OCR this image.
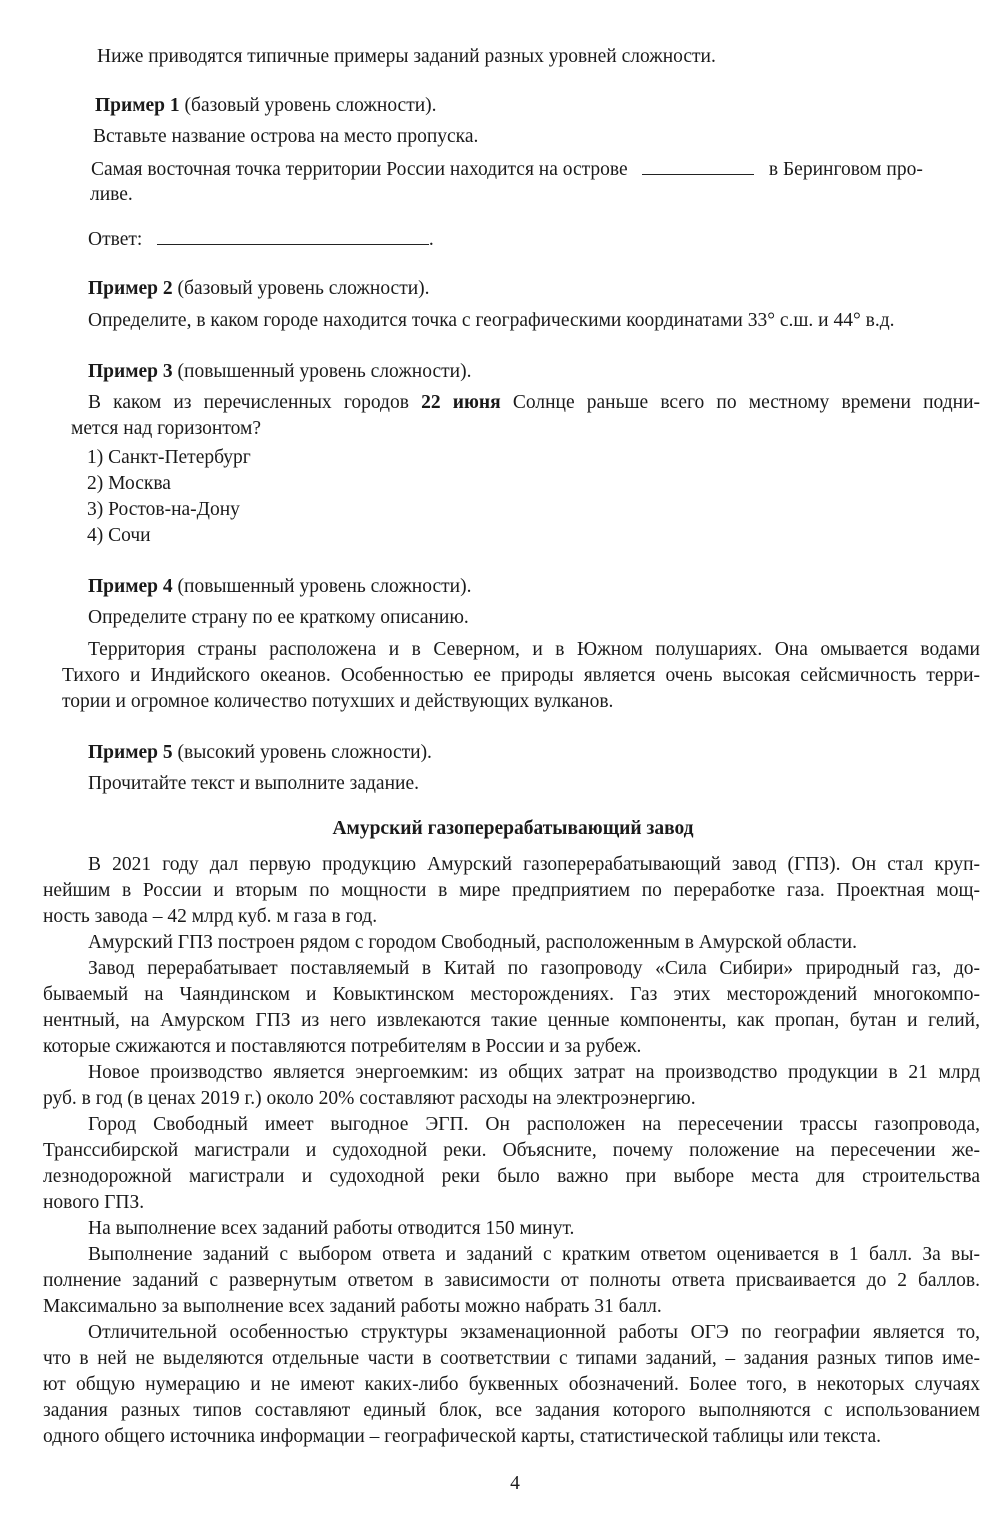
Ниже приводятся типичные примеры заданий разных уровней сложности.
Пример 1 (базовый уровень сложности).
Вставьте название острова на место пропуска.
Самая восточная точка территории России находится на острове	в Беринговом про-
ливе.
Ответ:	.
Пример 2 (базовый уровень сложности).
Определите, в каком городе находится точка с географическими координатами 33° с.ш. и 44° в.д.
Пример 3 (повышенный уровень сложности).
В каком из перечисленных городов 22 июня Солнце раньше всего по местному времени подни-
мется над горизонтом?
1) Санкт-Петербург
2) Москва
3) Ростов-на-Дону
4) Сочи
Пример 4 (повышенный уровень сложности).
Определите страну по ее краткому описанию.
Территория страны расположена и в Северном, и в Южном полушариях. Она омывается водами
Тихого и Индийского океанов. Особенностью ее природы является очень высокая сейсмичность терри-
тории и огромное количество потухших и действующих вулканов.
Пример 5 (высокий уровень сложности).
Прочитайте текст и выполните задание.
Амурский газоперерабатывающий завод
В 2021 году дал первую продукцию Амурский газоперерабатывающий завод (ГПЗ). Он стал круп-
нейшим в России и вторым по мощности в мире предприятием по переработке газа. Проектная мощ-
ность завода – 42 млрд куб. м газа в год.
Амурский ГПЗ построен рядом с городом Свободный, расположенным в Амурской области.
Завод перерабатывает поставляемый в Китай по газопроводу «Сила Сибири» природный газ, до-
бываемый на Чаяндинском и Ковыктинском месторождениях. Газ этих месторождений многокомпо-
нентный, на Амурском ГПЗ из него извлекаются такие ценные компоненты, как пропан, бутан и гелий,
которые сжижаются и поставляются потребителям в России и за рубеж.
Новое производство является энергоемким: из общих затрат на производство продукции в 21 млрд
руб. в год (в ценах 2019 г.) около 20% составляют расходы на электроэнергию.
Город Свободный имеет выгодное ЭГП. Он расположен на пересечении трассы газопровода,
Транссибирской магистрали и судоходной реки. Объясните, почему положение на пересечении же-
лезнодорожной магистрали и судоходной реки было важно при выборе места для строительства
нового ГПЗ.
На выполнение всех заданий работы отводится 150 минут.
Выполнение заданий с выбором ответа и заданий с кратким ответом оценивается в 1 балл. За вы-
полнение заданий с развернутым ответом в зависимости от полноты ответа присваивается до 2 баллов.
Максимально за выполнение всех заданий работы можно набрать 31 балл.
Отличительной особенностью структуры экзаменационной работы ОГЭ по географии является то,
что в ней не выделяются отдельные части в соответствии с типами заданий, – задания разных типов име-
ют общую нумерацию и не имеют каких-либо буквенных обозначений. Более того, в некоторых случаях
задания разных типов составляют единый блок, все задания которого выполняются с использованием
одного общего источника информации – географической карты, статистической таблицы или текста.
4
